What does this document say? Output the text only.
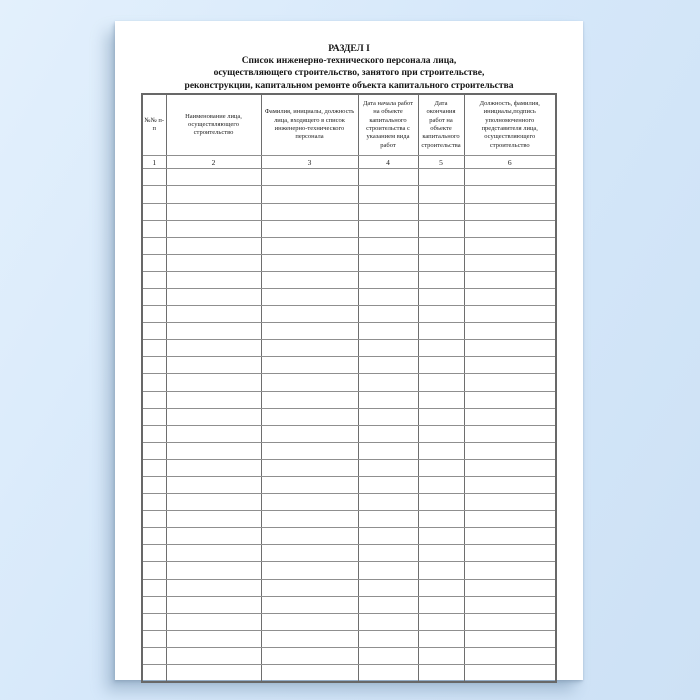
РАЗДЕЛ I
Список инженерно-технического персонала лица,
осуществляющего строительство, занятого при строительстве,
реконструкции, капитальном ремонте объекта капитального строительства
№№ п-п	Наименование лица, осуществляющего строительство	Фамилия, инициалы, должность лица, входящего в список инженерно-технического персонала	Дата начала работ на объекте капитального строительства с указанием вида работ	Дата окончания работ на объекте капитального строительства	Должность, фамилия, инициалы,подпись уполномоченного представителя лица, осуществляющего строительство
1	2	3	4	5	6
